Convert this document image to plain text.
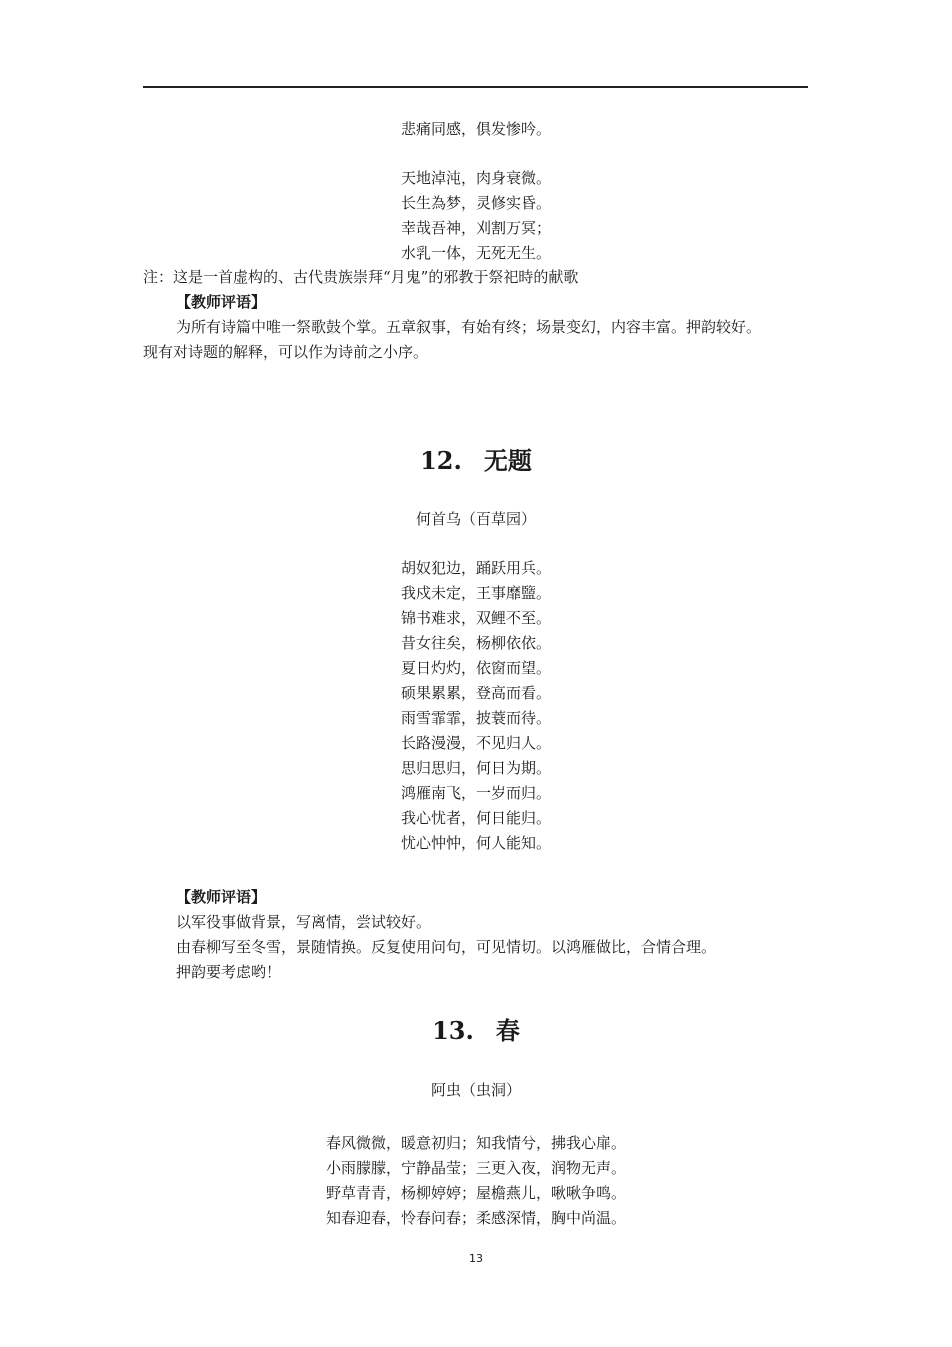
悲痛同感，俱发惨吟。
天地淖沌，肉身衰微。
长生為梦，灵修实昏。
幸哉吾神，刈割万冥；
水乳一体，无死无生。
注：这是一首虚构的、古代贵族崇拜“月鬼”的邪教于祭祀時的献歌
【教师评语】
为所有诗篇中唯一祭歌鼓个掌。五章叙事，有始有终；场景变幻，内容丰富。押韵较好。
现有对诗题的解释，可以作为诗前之小序。
12. 无题
何首乌（百草园）
胡奴犯边，踊跃用兵。
我戍未定，王事靡盬。
锦书难求，双鲤不至。
昔女往矣，杨柳依依。
夏日灼灼，依窗而望。
硕果累累，登高而看。
雨雪霏霏，披蓑而待。
长路漫漫，不见归人。
思归思归，何日为期。
鸿雁南飞，一岁而归。
我心忧者，何日能归。
忧心忡忡，何人能知。
【教师评语】
以军役事做背景，写离情，尝试较好。
由春柳写至冬雪，景随情换。反复使用问句，可见情切。以鸿雁做比，合情合理。
押韵要考虑哟！
13. 春
阿虫（虫洞）
春风微微，暖意初归；知我情兮，拂我心扉。
小雨朦朦，宁静晶莹；三更入夜，润物无声。
野草青青，杨柳婷婷；屋檐燕儿，啾啾争鸣。
知春迎春，怜春问春；柔感深情，胸中尚温。
13
